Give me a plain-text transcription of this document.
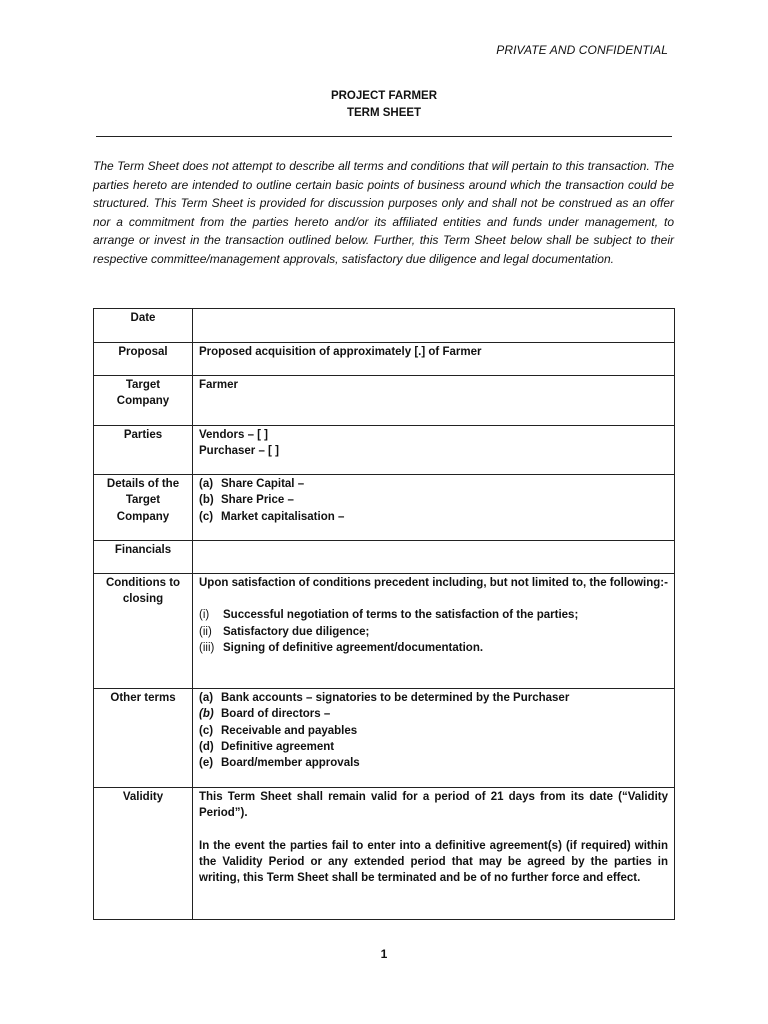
PRIVATE AND CONFIDENTIAL
PROJECT FARMER
TERM SHEET

The Term Sheet does not attempt to describe all terms and conditions that will pertain to this transaction. The parties hereto are intended to outline certain basic points of business around which the transaction could be structured. This Term Sheet is provided for discussion purposes only and shall not be construed as an offer nor a commitment from the parties hereto and/or its affiliated entities and funds under management, to arrange or invest in the transaction outlined below. Further, this Term Sheet below shall be subject to their respective committee/management approvals, satisfactory due diligence and legal documentation.

Date	
Proposal	Proposed acquisition of approximately [.] of Farmer

Target
Company	Farmer
Parties	Vendors – [ ]
Purchaser – [ ]

Details of the
Target
Company	(a) Share Capital –
(b) Share Price –
(c) Market capitalisation –

Financials	

Conditions to
closing	Upon satisfaction of conditions precedent including, but not limited to, the following:-
(i) Successful negotiation of terms to the satisfaction of the parties;
(ii) Satisfactory due diligence;
(iii) Signing of definitive agreement/documentation.

Other terms	(a) Bank accounts – signatories to be determined by the Purchaser
(b) Board of directors –
(c) Receivable and payables
(d) Definitive agreement
(e) Board/member approvals

Validity	This Term Sheet shall remain valid for a period of 21 days from its date (“Validity Period”).
In the event the parties fail to enter into a definitive agreement(s) (if required) within the Validity Period or any extended period that may be agreed by the parties in writing, this Term Sheet shall be terminated and be of no further force and effect.
1
